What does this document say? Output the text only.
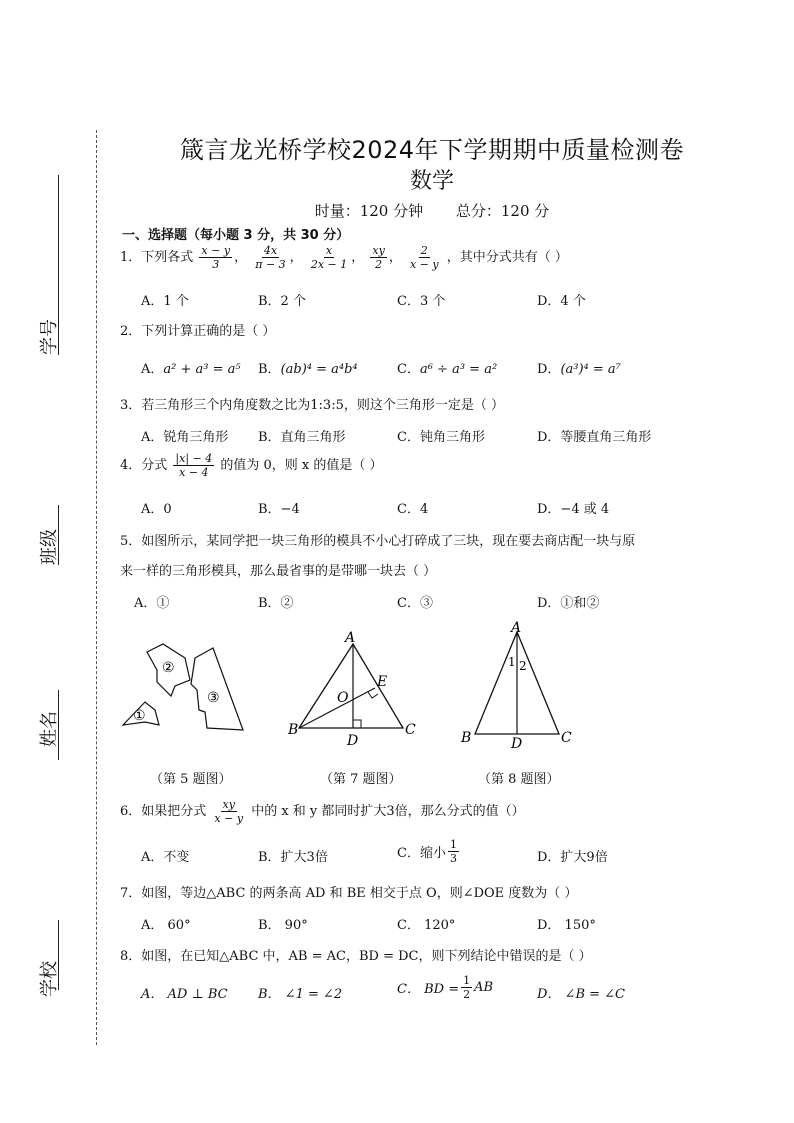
学号
班级
姓名
学校
箴言龙光桥学校2024年下学期期中质量检测卷
数学
时量：120 分钟 总分：120 分
一、选择题（每小题 3 分，共 30 分）
1．下列各式 $\frac{x - y}{3}$ ， $\frac{4x}{\pi - 3}$ ， $\frac{x}{2x - 1}$ ， $\frac{xy}{2}$ ， $\frac{2}{x - y}$ ，其中分式共有（ ）
A．1 个	B．2 个	C．3 个	D．4 个
2．下列计算正确的是（ ）
A．a² + a³ = a⁵ B．(ab)⁴ = a⁴b⁴	C．a⁶ ÷ a³ = a²	D．(a³)⁴ = a⁷
3．若三角形三个内角度数之比为1:3:5，则这个三角形一定是（ ）
A．锐角三角形 B．直角三角形	C．钝角三角形	D．等腰直角三角形
4．分式 $\frac{|x| - 4}{x - 4}$ 的值为 0，则 x 的值是（ ）
A．0	B．−4	C．4	D．−4 或 4
5．如图所示，某同学把一块三角形的模具不小心打碎成了三块，现在要去商店配一块与原
来一样的三角形模具，那么最省事的是带哪一块去（ ）
A．①	B．②	C．③	D．①和②
①
②
③
（第 5 题图）
A
B	C
D
E
O
（第 7 题图）
A
B	C
D
1 2
（第 8 题图）
6．如果把分式 $\frac{xy}{x - y}$ 中的 x 和 y 都同时扩大3倍，那么分式的值（）
A．不变	B．扩大3倍	C．缩小 $\frac{1}{3}$	D．扩大9倍
7．如图，等边△ABC 的两条高 AD 和 BE 相交于点 O，则∠DOE 度数为（ ）
A． 60°	B． 90°	C． 120°	D． 150°
8．如图，在已知△ABC 中，AB = AC，BD = DC，则下列结论中错误的是（ ）
A． AD ⊥ BC B． ∠1 = ∠2	C． BD = $\frac{1}{2}$ AB	D． ∠B = ∠C
